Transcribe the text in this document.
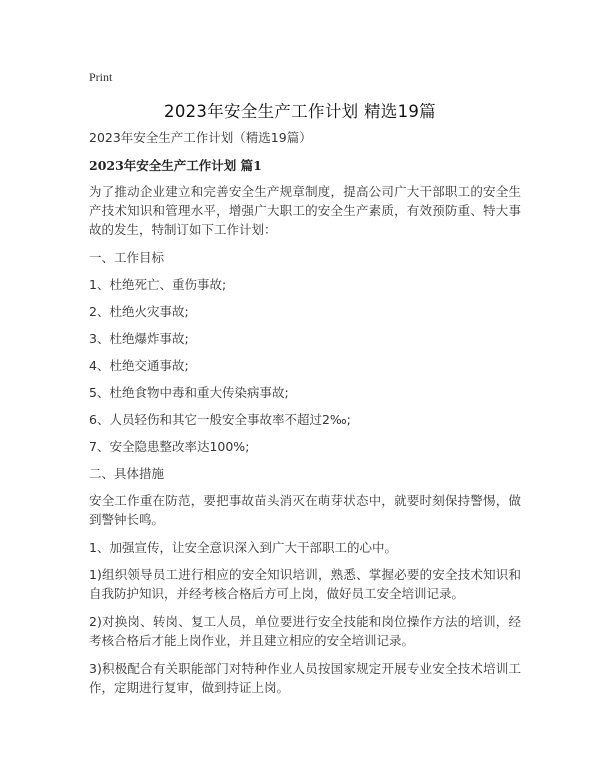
Print
2023年安全生产工作计划 精选19篇

2023年安全生产工作计划（精选19篇）

2023年安全生产工作计划 篇1

为了推动企业建立和完善安全生产规章制度，提高公司广大干部职工的安全生产技术知识和管理水平，增强广大职工的安全生产素质，有效预防重、特大事故的发生，特制订如下工作计划：

一、工作目标

1、杜绝死亡、重伤事故;

2、杜绝火灾事故;

3、杜绝爆炸事故;

4、杜绝交通事故;

5、杜绝食物中毒和重大传染病事故;

6、人员轻伤和其它一般安全事故率不超过2‰;

7、安全隐患整改率达100%;

二、具体措施

安全工作重在防范，要把事故苗头消灭在萌芽状态中，就要时刻保持警惕，做到警钟长鸣。

1、加强宣传，让安全意识深入到广大干部职工的心中。

1)组织领导员工进行相应的安全知识培训，熟悉、掌握必要的安全技术知识和自我防护知识，并经考核合格后方可上岗，做好员工安全培训记录。

2)对换岗、转岗、复工人员，单位要进行安全技能和岗位操作方法的培训，经考核合格后才能上岗作业，并且建立相应的安全培训记录。

3)积极配合有关职能部门对特种作业人员按国家规定开展专业安全技术培训工作，定期进行复审，做到持证上岗。
